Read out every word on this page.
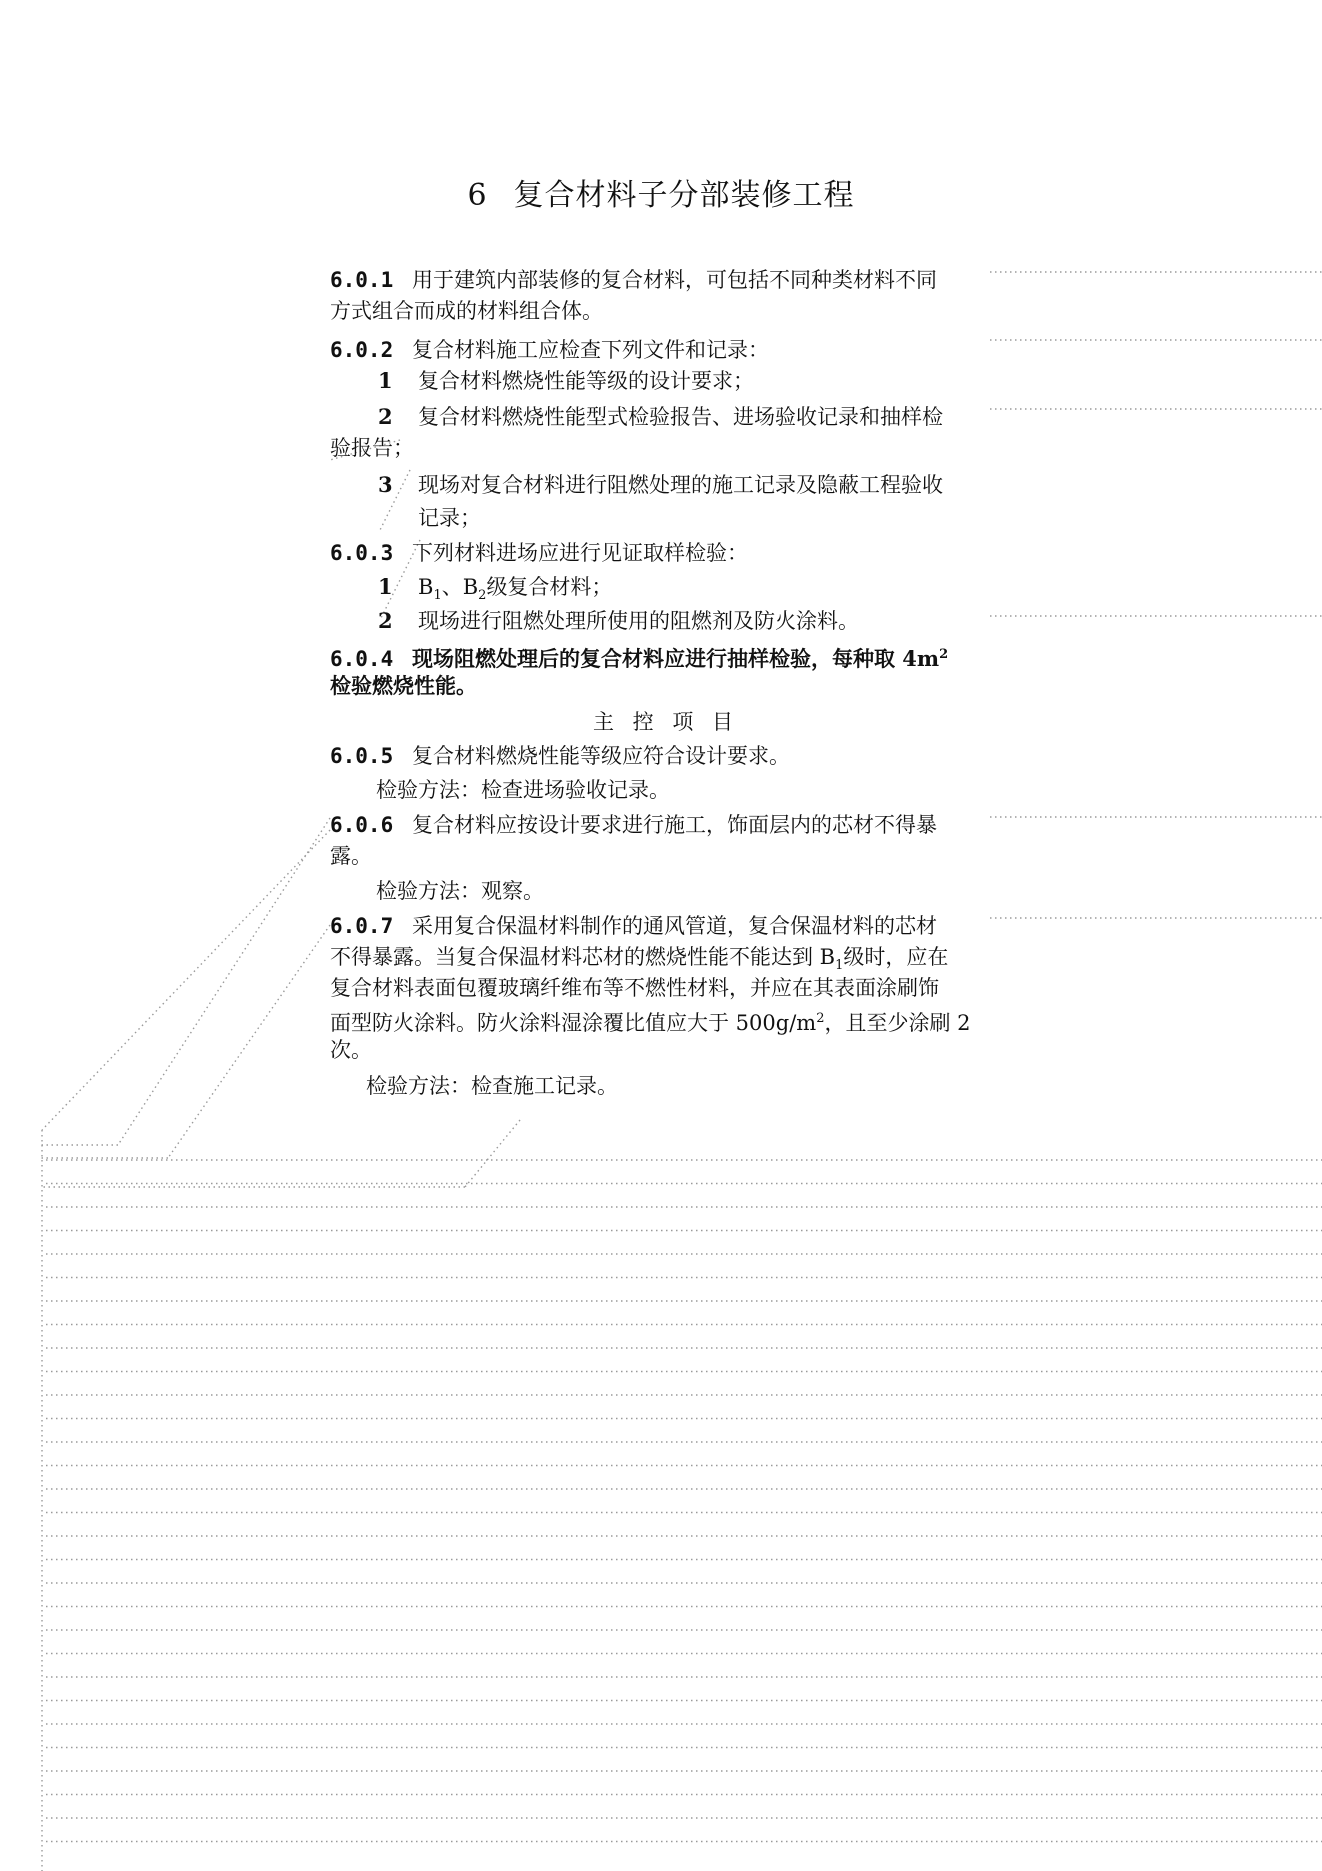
6 复合材料子分部装修工程
6.0.1 用于建筑内部装修的复合材料，可包括不同种类材料不同
方式组合而成的材料组合体。
6.0.2 复合材料施工应检查下列文件和记录：
1 复合材料燃烧性能等级的设计要求；
2 复合材料燃烧性能型式检验报告、进场验收记录和抽样检
验报告；
3 现场对复合材料进行阻燃处理的施工记录及隐蔽工程验收
记录；
6.0.3 下列材料进场应进行见证取样检验：
1 $B_1$、$B_2$级复合材料；
2 现场进行阻燃处理所使用的阻燃剂及防火涂料。
6.0.4 现场阻燃处理后的复合材料应进行抽样检验，每种取 $4m^2$
检验燃烧性能。
主 控 项 目
6.0.5 复合材料燃烧性能等级应符合设计要求。
检验方法：检查进场验收记录。
6.0.6 复合材料应按设计要求进行施工，饰面层内的芯材不得暴
露。
检验方法：观察。
6.0.7 采用复合保温材料制作的通风管道，复合保温材料的芯材
不得暴露。当复合保温材料芯材的燃烧性能不能达到 $B_1$级时，应在
复合材料表面包覆玻璃纤维布等不燃性材料，并应在其表面涂刷饰
面型防火涂料。防火涂料湿涂覆比值应大于 $500g/m^2$，且至少涂刷 2
次。
检验方法：检查施工记录。
